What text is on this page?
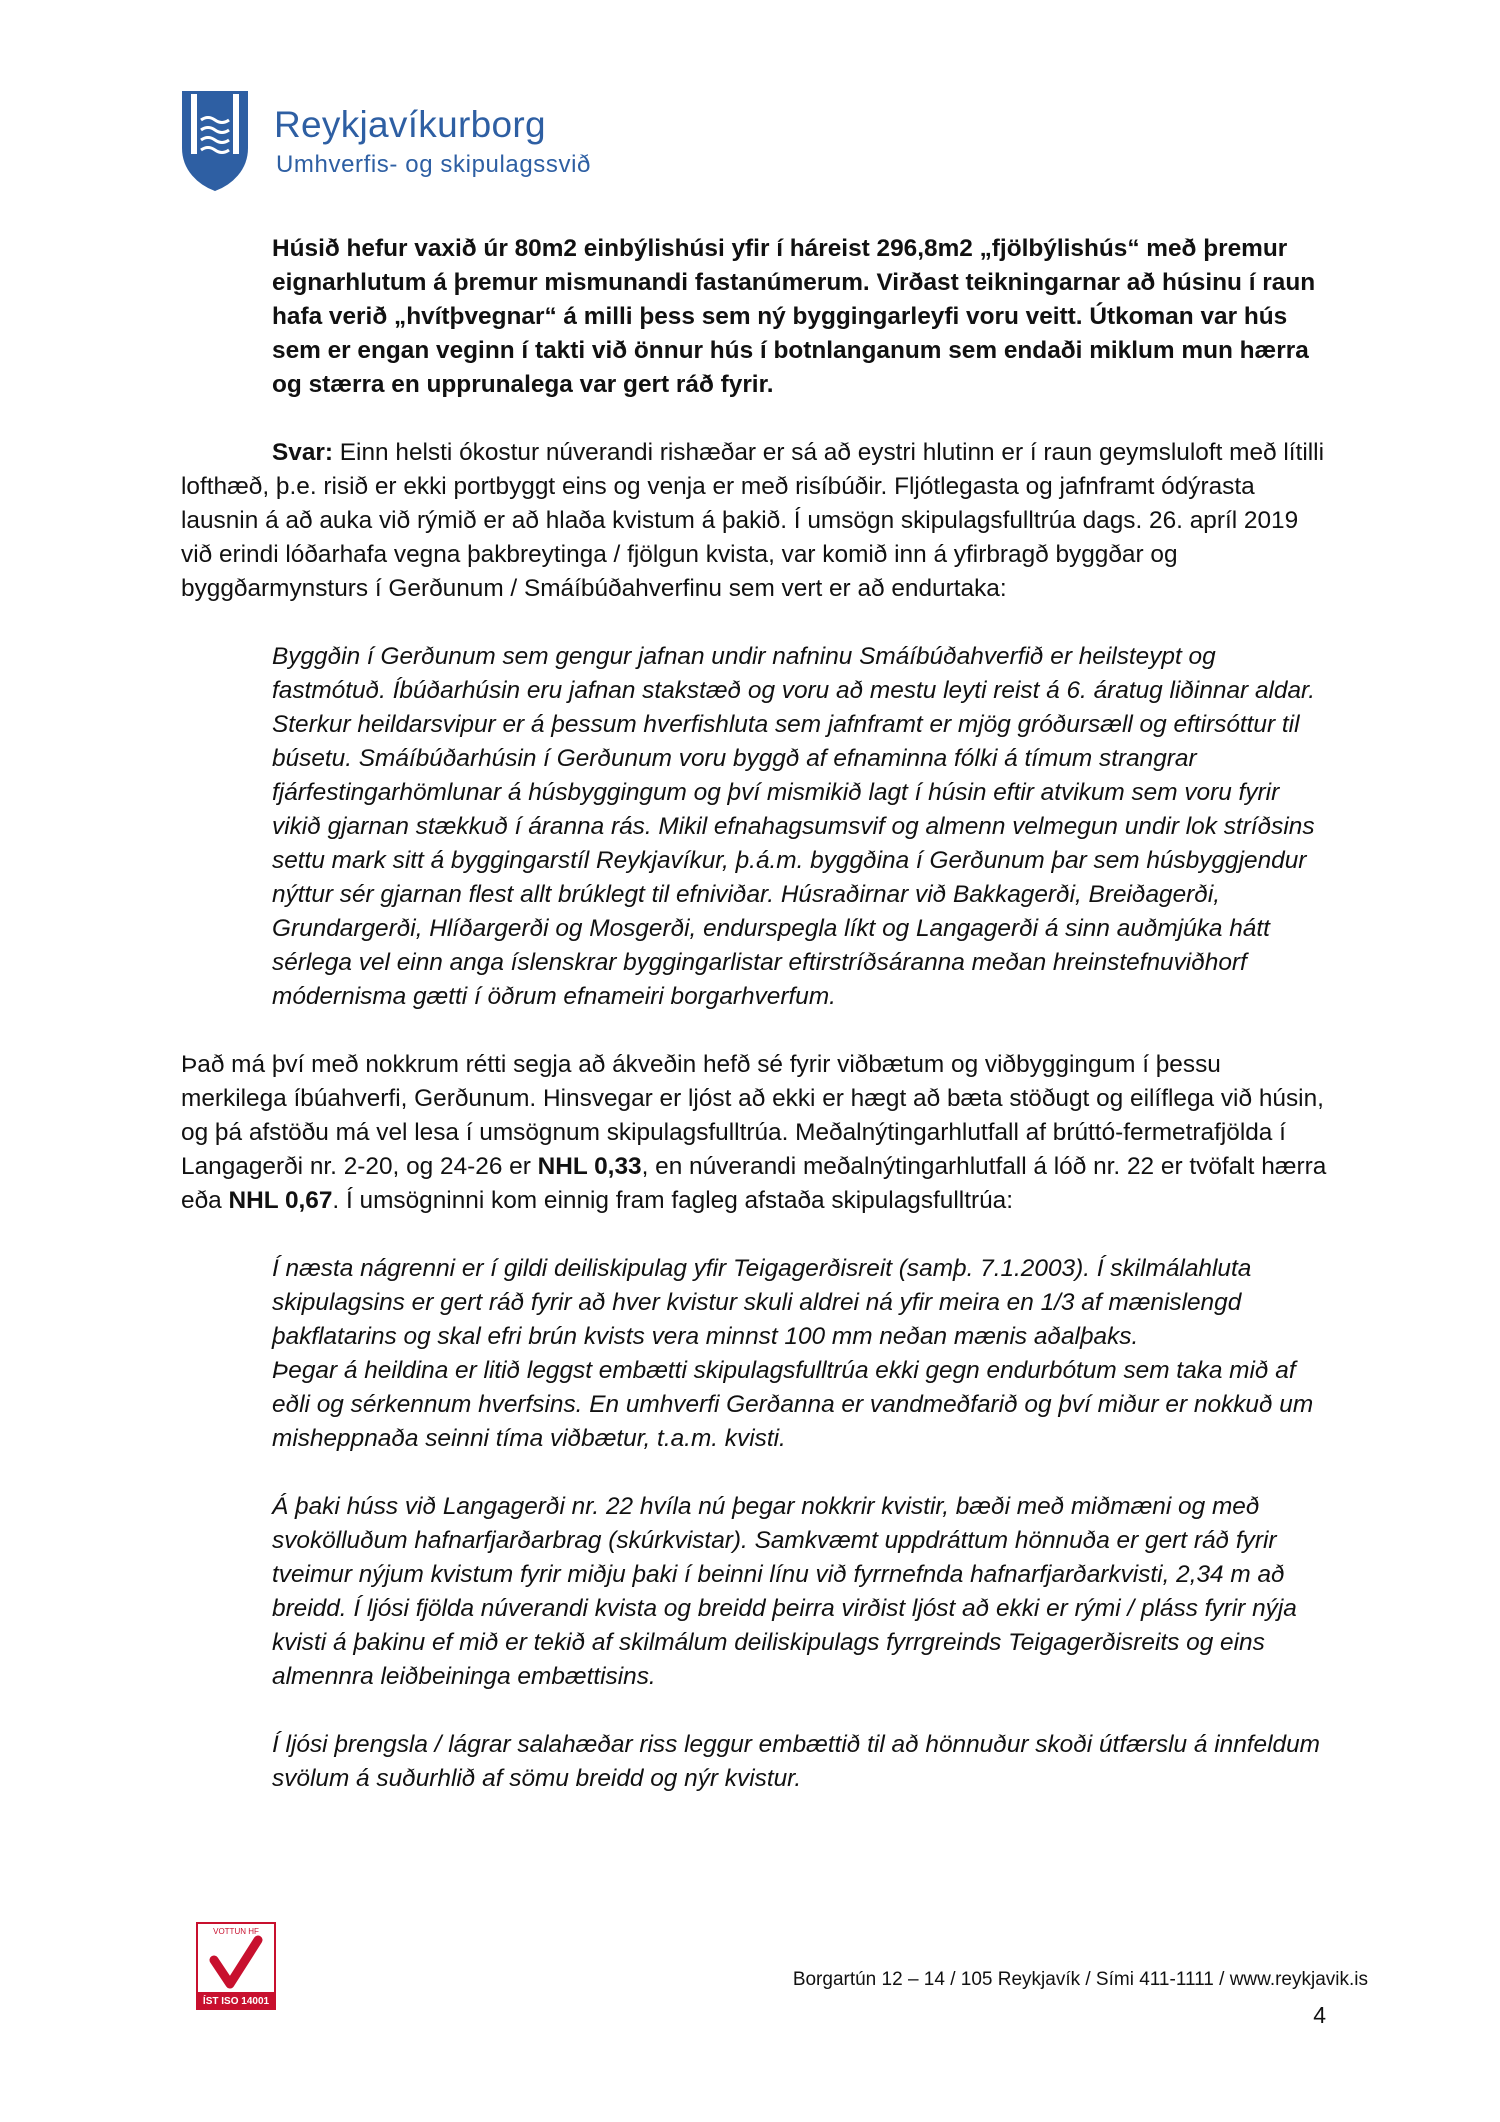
Reykjavíkurborg
Umhverfis- og skipulagssvið

Húsið hefur vaxið úr 80m2 einbýlishúsi yfir í háreist 296,8m2 „fjölbýlishús“ með þremur eignarhlutum á þremur mismunandi fastanúmerum. Virðast teikningarnar að húsinu í raun hafa verið „hvítþvegnar“ á milli þess sem ný byggingarleyfi voru veitt. Útkoman var hús sem er engan veginn í takti við önnur hús í botnlanganum sem endaði miklum mun hærra og stærra en upprunalega var gert ráð fyrir.

Svar: Einn helsti ókostur núverandi rishæðar er sá að eystri hlutinn er í raun geymsluloft með lítilli lofthæð, þ.e. risið er ekki portbyggt eins og venja er með risíbúðir. Fljótlegasta og jafnframt ódýrasta lausnin á að auka við rýmið er að hlaða kvistum á þakið. Í umsögn skipulagsfulltrúa dags. 26. apríl 2019 við erindi lóðarhafa vegna þakbreytinga / fjölgun kvista, var komið inn á yfirbragð byggðar og byggðarmynsturs í Gerðunum / Smáíbúðahverfinu sem vert er að endurtaka:

Byggðin í Gerðunum sem gengur jafnan undir nafninu Smáíbúðahverfið er heilsteypt og fastmótuð. Íbúðarhúsin eru jafnan stakstæð og voru að mestu leyti reist á 6. áratug liðinnar aldar. Sterkur heildarsvipur er á þessum hverfishluta sem jafnframt er mjög gróðursæll og eftirsóttur til búsetu. Smáíbúðarhúsin í Gerðunum voru byggð af efnaminna fólki á tímum strangrar fjárfestingarhömlunar á húsbyggingum og því mismikið lagt í húsin eftir atvikum sem voru fyrir vikið gjarnan stækkuð í áranna rás. Mikil efnahagsumsvif og almenn velmegun undir lok stríðsins settu mark sitt á byggingarstíl Reykjavíkur, þ.á.m. byggðina í Gerðunum þar sem húsbyggjendur nýttur sér gjarnan flest allt brúklegt til efniviðar. Húsraðirnar við Bakkagerði, Breiðagerði, Grundargerði, Hlíðargerði og Mosgerði, endurspegla líkt og Langagerði á sinn auðmjúka hátt sérlega vel einn anga íslenskrar byggingarlistar eftirstríðsáranna meðan hreinstefnuviðhorf módernisma gætti í öðrum efnameiri borgarhverfum.

Það má því með nokkrum rétti segja að ákveðin hefð sé fyrir viðbætum og viðbyggingum í þessu merkilega íbúahverfi, Gerðunum. Hinsvegar er ljóst að ekki er hægt að bæta stöðugt og eilíflega við húsin, og þá afstöðu má vel lesa í umsögnum skipulagsfulltrúa. Meðalnýtingarhlutfall af brúttó-fermetrafjölda í Langagerði nr. 2-20, og 24-26 er NHL 0,33, en núverandi meðalnýtingarhlutfall á lóð nr. 22 er tvöfalt hærra eða NHL 0,67. Í umsögninni kom einnig fram fagleg afstaða skipulagsfulltrúa:

Í næsta nágrenni er í gildi deiliskipulag yfir Teigagerðisreit (samþ. 7.1.2003). Í skilmálahluta skipulagsins er gert ráð fyrir að hver kvistur skuli aldrei ná yfir meira en 1/3 af mænislengd þakflatarins og skal efri brún kvists vera minnst 100 mm neðan mænis aðalþaks.

Þegar á heildina er litið leggst embætti skipulagsfulltrúa ekki gegn endurbótum sem taka mið af eðli og sérkennum hverfsins. En umhverfi Gerðanna er vandmeðfarið og því miður er nokkuð um misheppnaða seinni tíma viðbætur, t.a.m. kvisti.

Á þaki húss við Langagerði nr. 22 hvíla nú þegar nokkrir kvistir, bæði með miðmæni og með svokölluðum hafnarfjarðarbrag (skúrkvistar). Samkvæmt uppdráttum hönnuða er gert ráð fyrir tveimur nýjum kvistum fyrir miðju þaki í beinni línu við fyrrnefnda hafnarfjarðarkvisti, 2,34 m að breidd. Í ljósi fjölda núverandi kvista og breidd þeirra virðist ljóst að ekki er rými / pláss fyrir nýja kvisti á þakinu ef mið er tekið af skilmálum deiliskipulags fyrrgreinds Teigagerðisreits og eins almennra leiðbeininga embættisins.

Í ljósi þrengsla / lágrar salahæðar riss leggur embættið til að hönnuður skoði útfærslu á innfeldum svölum á suðurhlið af sömu breidd og nýr kvistur.

VOTTUN HF
ÍST ISO 14001
Borgartún 12 – 14 / 105 Reykjavík / Sími 411-1111 / www.reykjavik.is
4
